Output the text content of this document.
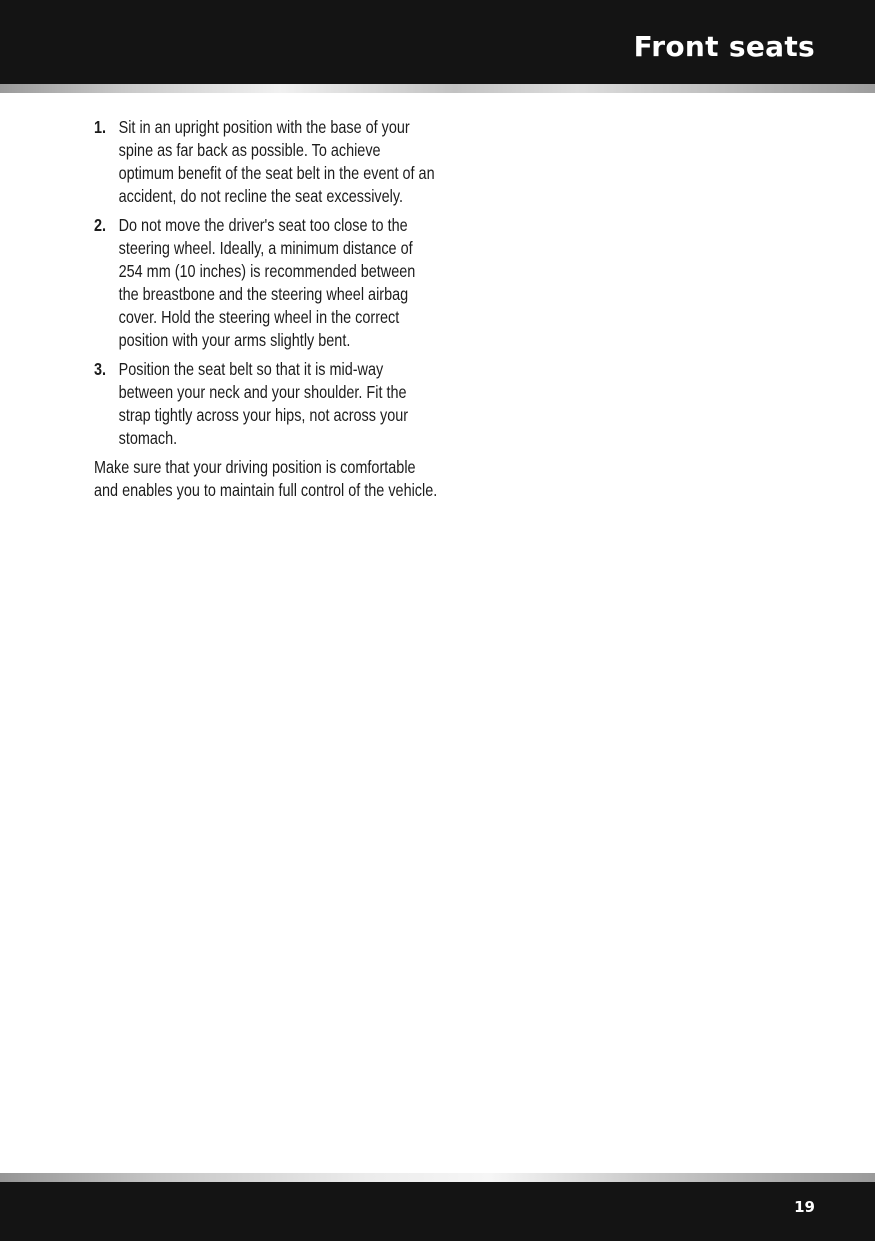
Front seats
1. Sit in an upright position with the base of your spine as far back as possible. To achieve optimum benefit of the seat belt in the event of an accident, do not recline the seat excessively.
2. Do not move the driver's seat too close to the steering wheel. Ideally, a minimum distance of 254 mm (10 inches) is recommended between the breastbone and the steering wheel airbag cover. Hold the steering wheel in the correct position with your arms slightly bent.
3. Position the seat belt so that it is mid-way between your neck and your shoulder. Fit the strap tightly across your hips, not across your stomach.

Make sure that your driving position is comfortable and enables you to maintain full control of the vehicle.

19
